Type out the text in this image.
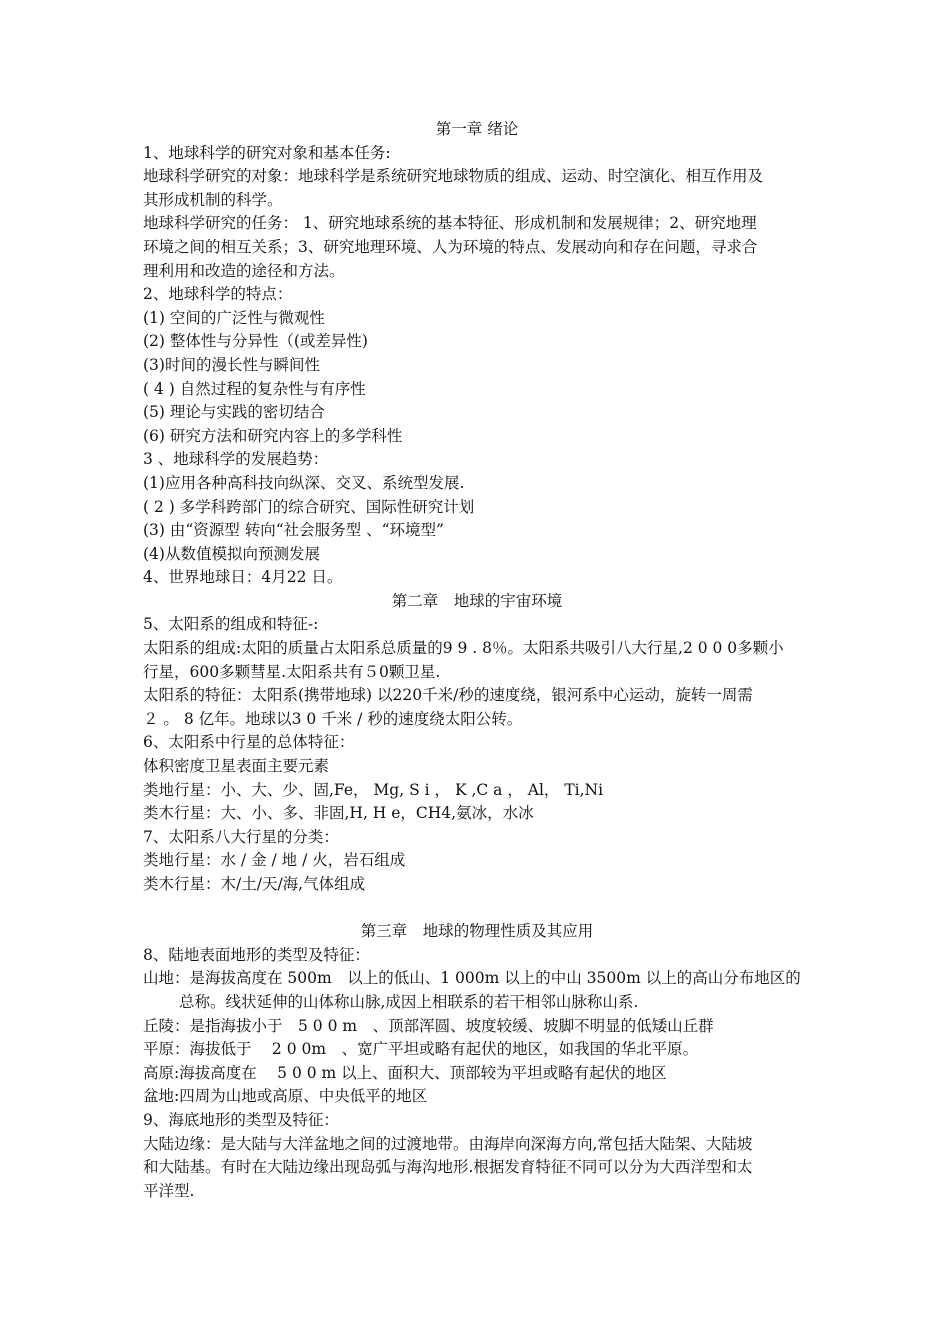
第一章 绪论
1、地球科学的研究对象和基本任务:
地球科学研究的对象：地球科学是系统研究地球物质的组成、运动、时空演化、相互作用及
其形成机制的科学。
地球科学研究的任务： 1、研究地球系统的基本特征、形成机制和发展规律；2、研究地理
环境之间的相互关系；3、研究地理环境、人为环境的特点、发展动向和存在问题，寻求合
理利用和改造的途径和方法。
2、地球科学的特点：
(1) 空间的广泛性与微观性
(2) 整体性与分异性（(或差异性)
(3)时间的漫长性与瞬间性
( 4 ) 自然过程的复杂性与有序性
(5) 理论与实践的密切结合
(6) 研究方法和研究内容上的多学科性
3 、地球科学的发展趋势：
(1)应用各种高科技向纵深、交叉、系统型发展.
( 2 ) 多学科跨部门的综合研究、国际性研究计划
(3) 由“资源型 转向“社会服务型 、“环境型”
(4)从数值模拟向预测发展
4、世界地球日：4月22 日。
第二章　地球的宇宙环境
5、太阳系的组成和特征-:
太阳系的组成:太阳的质量占太阳系总质量的9 9 . 8％。太阳系共吸引八大行星,2 0 0 0多颗小
行星，600多颗彗星.太阳系共有５0颗卫星.
太阳系的特征：太阳系(携带地球) 以220千米/秒的速度绕，银河系中心运动，旋转一周需
２ 。 8 亿年。地球以3 0 千米 / 秒的速度绕太阳公转。
6、太阳系中行星的总体特征：
体积密度卫星表面主要元素
类地行星：小、大、少、固,Fe， Mg, S i ， K ,C a ， Al， Ti,Ni
类木行星：大、小、多、非固,H, H e，CH4,氨冰，水冰
7、太阳系八大行星的分类：
类地行星：水 / 金 / 地 / 火，岩石组成
类木行星：木/土/天/海,气体组成
第三章　地球的物理性质及其应用
8、陆地表面地形的类型及特征：
山地：是海拔高度在 500m　以上的低山、1 000m 以上的中山 3500m 以上的高山分布地区的
总称。线状延伸的山体称山脉,成因上相联系的若干相邻山脉称山系.
丘陵：是指海拔小于　5 0 0 m　、顶部浑圆、坡度较缓、坡脚不明显的低矮山丘群
平原：海拔低于　 2 0 0m　、宽广平坦或略有起伏的地区，如我国的华北平原。
高原:海拔高度在　 5 0 0 m 以上、面积大、顶部较为平坦或略有起伏的地区
盆地:四周为山地或高原、中央低平的地区
9、海底地形的类型及特征：
大陆边缘：是大陆与大洋盆地之间的过渡地带。由海岸向深海方向,常包括大陆架、大陆坡
和大陆基。有时在大陆边缘出现岛弧与海沟地形.根据发育特征不同可以分为大西洋型和太
平洋型.
